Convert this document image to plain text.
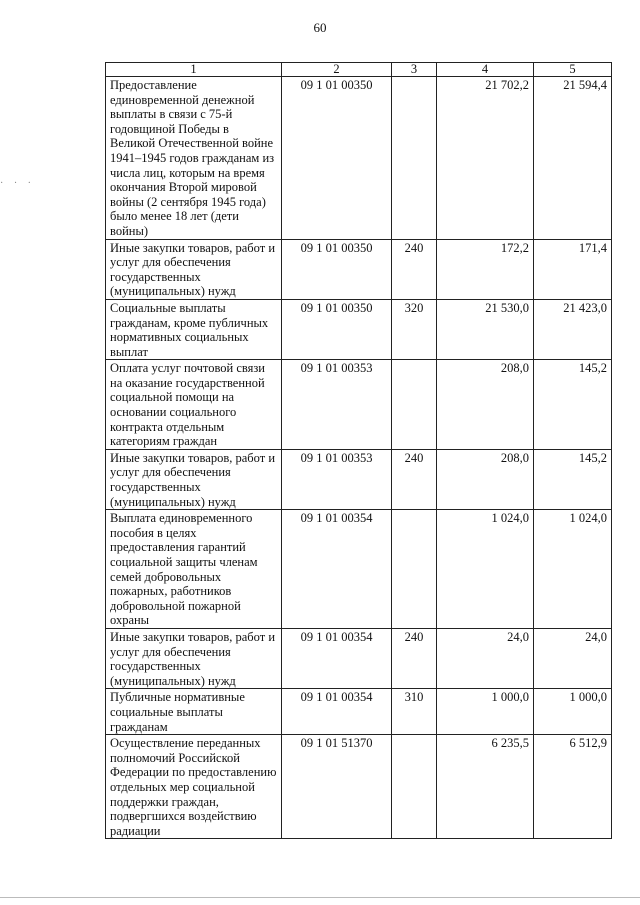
60
· · ·
1	2	3	4	5
Предоставление единовременной денежной выплаты в связи с 75-й годовщиной Победы в Великой Отечественной войне 1941–1945 годов гражданам из числа лиц, которым на время окончания Второй мировой войны (2 сентября 1945 года) было менее 18 лет (дети войны)	09 1 01 00350		21 702,2	21 594,4
Иные закупки товаров, работ и услуг для обеспечения государственных (муниципальных) нужд	09 1 01 00350	240	172,2	171,4
Социальные выплаты гражданам, кроме публичных нормативных социальных выплат	09 1 01 00350	320	21 530,0	21 423,0
Оплата услуг почтовой связи на оказание государственной социальной помощи на основании социального контракта отдельным категориям граждан	09 1 01 00353		208,0	145,2
Иные закупки товаров, работ и услуг для обеспечения государственных (муниципальных) нужд	09 1 01 00353	240	208,0	145,2
Выплата единовременного пособия в целях предоставления гарантий социальной защиты членам семей добровольных пожарных, работников добровольной пожарной охраны	09 1 01 00354		1 024,0	1 024,0
Иные закупки товаров, работ и услуг для обеспечения государственных (муниципальных) нужд	09 1 01 00354	240	24,0	24,0
Публичные нормативные социальные выплаты гражданам	09 1 01 00354	310	1 000,0	1 000,0
Осуществление переданных полномочий Российской Федерации по предоставлению отдельных мер социальной поддержки граждан, подвергшихся воздействию радиации	09 1 01 51370		6 235,5	6 512,9
